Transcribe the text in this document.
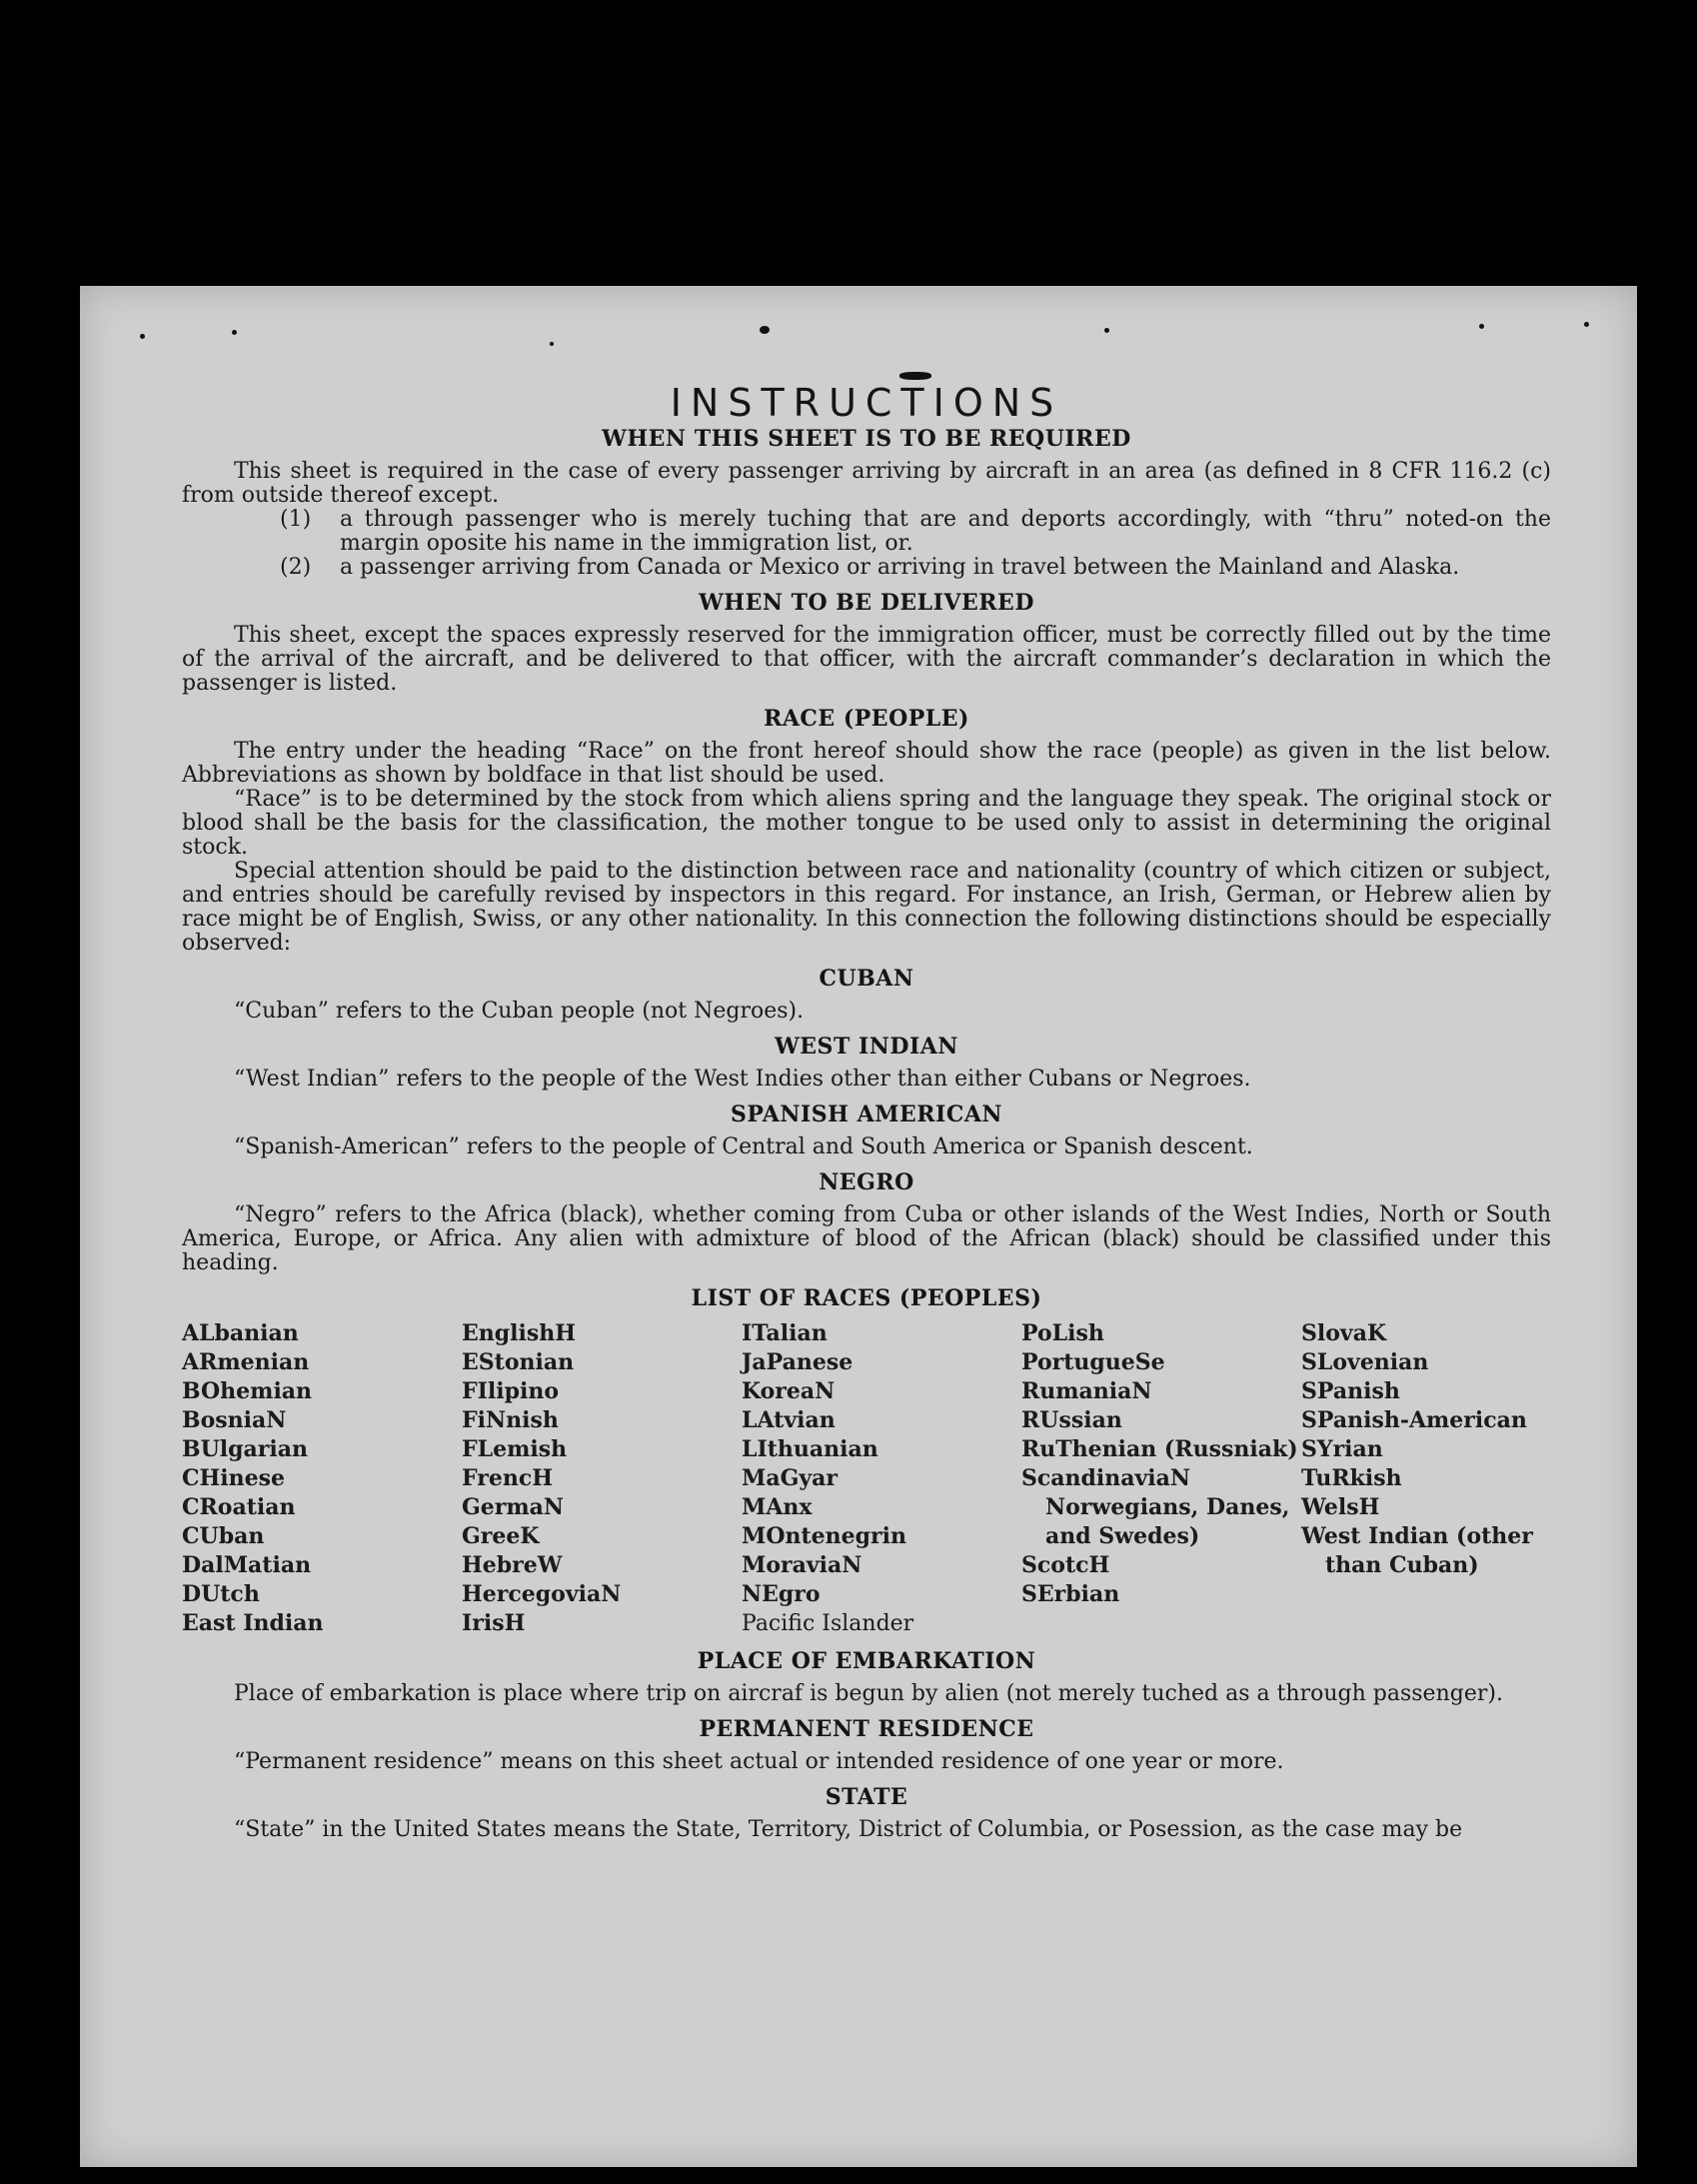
INSTRUCTIONS
WHEN THIS SHEET IS TO BE REQUIRED

This sheet is required in the case of every passenger arriving by aircraft in an area (as defined in 8 CFR 116.2 (c) from outside thereof except.

(1)	a through passenger who is merely tuching that are and deports accordingly, with “thru” noted-on the margin oposite his name in the immigration list, or.
(2)	a passenger arriving from Canada or Mexico or arriving in travel between the Mainland and Alaska.
WHEN TO BE DELIVERED

This sheet, except the spaces expressly reserved for the immigration officer, must be correctly filled out by the time of the arrival of the aircraft, and be delivered to that officer, with the aircraft commander’s declaration in which the passenger is listed.

RACE (PEOPLE)

The entry under the heading “Race” on the front hereof should show the race (people) as given in the list below. Abbreviations as shown by boldface in that list should be used.

“Race” is to be determined by the stock from which aliens spring and the language they speak. The original stock or blood shall be the basis for the classification, the mother tongue to be used only to assist in determining the original stock.

Special attention should be paid to the distinction between race and nationality (country of which citizen or subject, and entries should be carefully revised by inspectors in this regard. For instance, an Irish, German, or Hebrew alien by race might be of English, Swiss, or any other nationality. In this connection the following distinctions should be especially observed:

CUBAN

“Cuban” refers to the Cuban people (not Negroes).

WEST INDIAN

“West Indian” refers to the people of the West Indies other than either Cubans or Negroes.

SPANISH AMERICAN

“Spanish-American” refers to the people of Central and South America or Spanish descent.

NEGRO

“Negro” refers to the Africa (black), whether coming from Cuba or other islands of the West Indies, North or South America, Europe, or Africa. Any alien with admixture of blood of the African (black) should be classified under this heading.

LIST OF RACES (PEOPLES)
ALbanian
ARmenian
BOhemian
BosniaN
BUlgarian
CHinese
CRoatian
CUban
DalMatian
DUtch
East Indian
EnglishH
EStonian
FIlipino
FiNnish
FLemish
FrencH
GermaN
GreeK
HebreW
HercegoviaN
IrisH
ITalian
JaPanese
KoreaN
LAtvian
LIthuanian
MaGyar
MAnx
MOntenegrin
MoraviaN
NEgro
Pacific Islander
PoLish
PortugueSe
RumaniaN
RUssian
RuThenian (Russniak)
ScandinaviaN Norwegians, Danes, and Swedes)
ScotcH
SErbian
SlovaK
SLovenian
SPanish
SPanish-American
SYrian
TuRkish
WelsH
West Indian (other than Cuban)
PLACE OF EMBARKATION

Place of embarkation is place where trip on aircraf is begun by alien (not merely tuched as a through passenger).

PERMANENT RESIDENCE

“Permanent residence” means on this sheet actual or intended residence of one year or more.

STATE

“State” in the United States means the State, Territory, District of Columbia, or Posession, as the case may be
